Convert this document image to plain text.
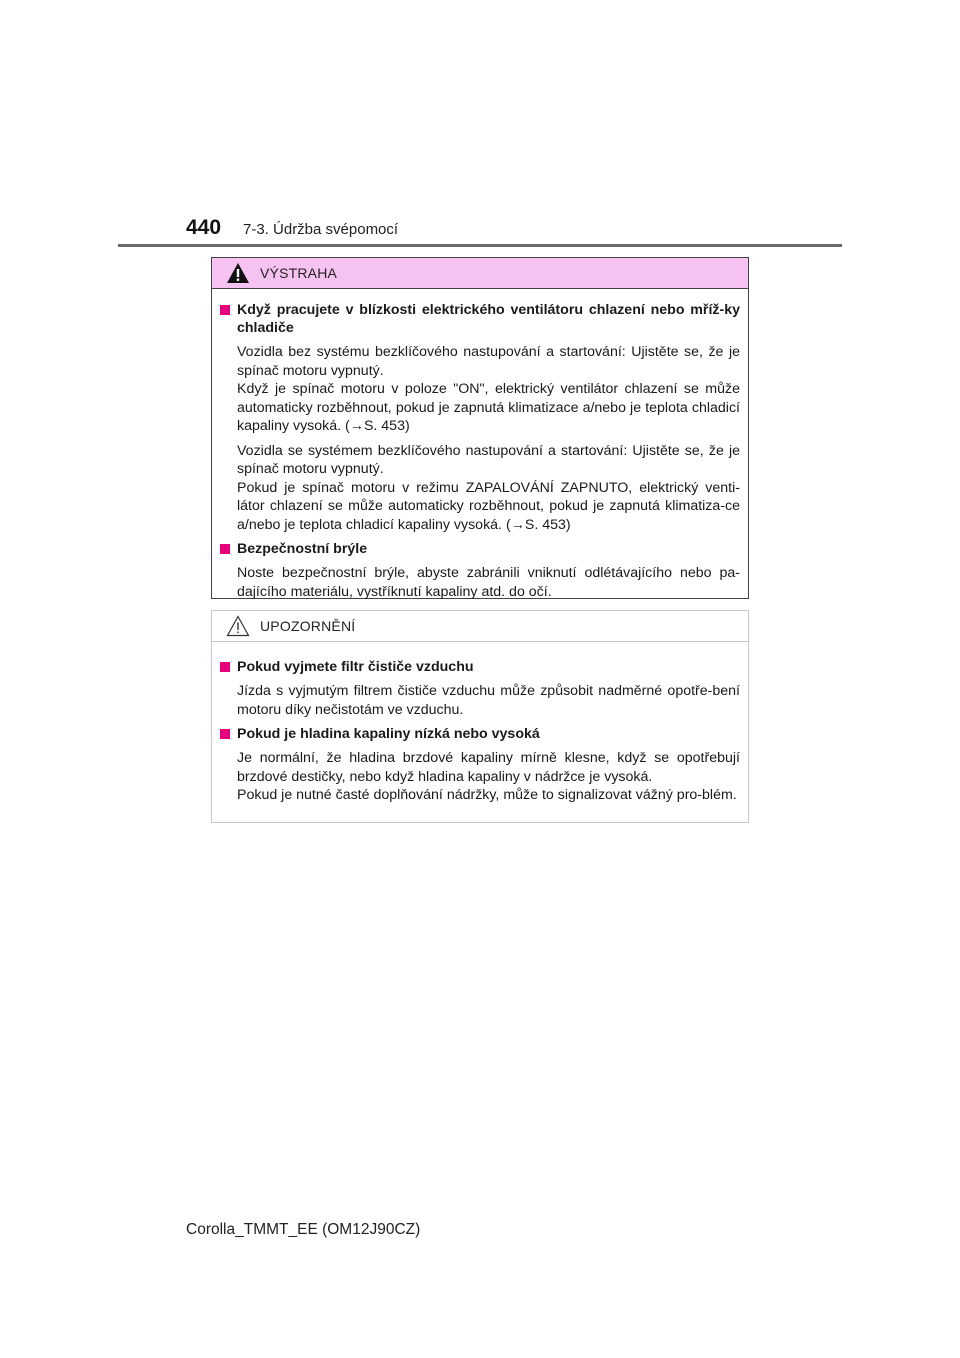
440 7-3. Údržba svépomocí
VÝSTRAHA
Když pracujete v blízkosti elektrického ventilátoru chlazení nebo mříž-ky chladiče
Vozidla bez systému bezklíčového nastupování a startování: Ujistěte se, že je spínač motoru vypnutý.
Když je spínač motoru v poloze "ON", elektrický ventilátor chlazení se může automaticky rozběhnout, pokud je zapnutá klimatizace a/nebo je teplota chladicí kapaliny vysoká. (→S. 453)
Vozidla se systémem bezklíčového nastupování a startování: Ujistěte se, že je spínač motoru vypnutý.
Pokud je spínač motoru v režimu ZAPALOVÁNÍ ZAPNUTO, elektrický venti-látor chlazení se může automaticky rozběhnout, pokud je zapnutá klimatiza-ce a/nebo je teplota chladicí kapaliny vysoká. (→S. 453)
Bezpečnostní brýle
Noste bezpečnostní brýle, abyste zabránili vniknutí odlétávajícího nebo pa-dajícího materiálu, vystříknutí kapaliny atd. do očí.
UPOZORNĚNÍ
Pokud vyjmete filtr čističe vzduchu
Jízda s vyjmutým filtrem čističe vzduchu může způsobit nadměrné opotře-bení motoru díky nečistotám ve vzduchu.
Pokud je hladina kapaliny nízká nebo vysoká
Je normální, že hladina brzdové kapaliny mírně klesne, když se opotřebují brzdové destičky, nebo když hladina kapaliny v nádržce je vysoká.
Pokud je nutné časté doplňování nádržky, může to signalizovat vážný pro-blém.
Corolla_TMMT_EE (OM12J90CZ)
